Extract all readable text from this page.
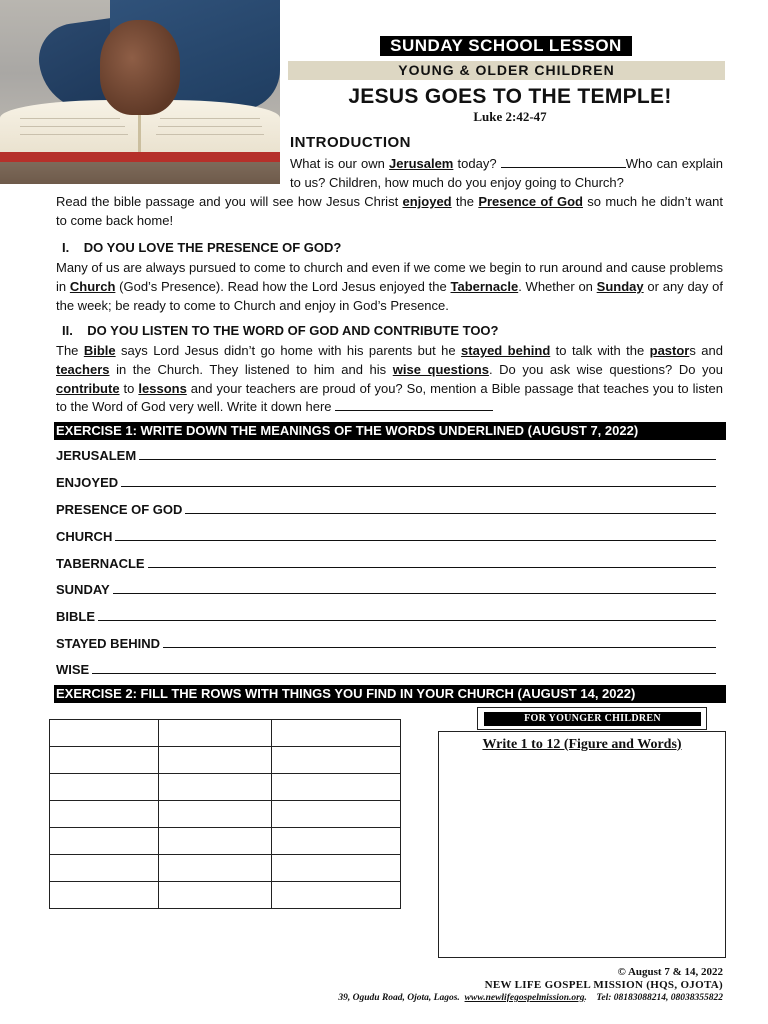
SUNDAY SCHOOL LESSON
YOUNG & OLDER CHILDREN
JESUS GOES TO THE TEMPLE!
Luke 2:42-47
INTRODUCTION
What is our own Jerusalem today?	Who can explain to us? Children, how much do you enjoy going to Church?
Read the bible passage and you will see how Jesus Christ enjoyed the Presence of God so much he didn’t want to come back home!
I. DO YOU LOVE THE PRESENCE OF GOD?
Many of us are always pursued to come to church and even if we come we begin to run around and cause problems in Church (God’s Presence). Read how the Lord Jesus enjoyed the Tabernacle. Whether on Sunday or any day of the week; be ready to come to Church and enjoy in God’s Presence.
II. DO YOU LISTEN TO THE WORD OF GOD AND CONTRIBUTE TOO?
The Bible says Lord Jesus didn’t go home with his parents but he stayed behind to talk with the pastors and teachers in the Church. They listened to him and his wise questions. Do you ask wise questions? Do you contribute to lessons and your teachers are proud of you? So, mention a Bible passage that teaches you to listen to the Word of God very well. Write it down here
EXERCISE 1: WRITE DOWN THE MEANINGS OF THE WORDS UNDERLINED (AUGUST 7, 2022)
JERUSALEM
ENJOYED
PRESENCE OF GOD
CHURCH
TABERNACLE
SUNDAY
BIBLE
STAYED BEHIND
WISE
EXERCISE 2: FILL THE ROWS WITH THINGS YOU FIND IN YOUR CHURCH (AUGUST 14, 2022)

FOR YOUNGER CHILDREN
Write 1 to 12 (Figure and Words)
© August 7 & 14, 2022
NEW LIFE GOSPEL MISSION (HQS, OJOTA)
39, Ogudu Road, Ojota, Lagos. www.newlifegospelmission.org.    Tel: 08183088214, 08038355822
